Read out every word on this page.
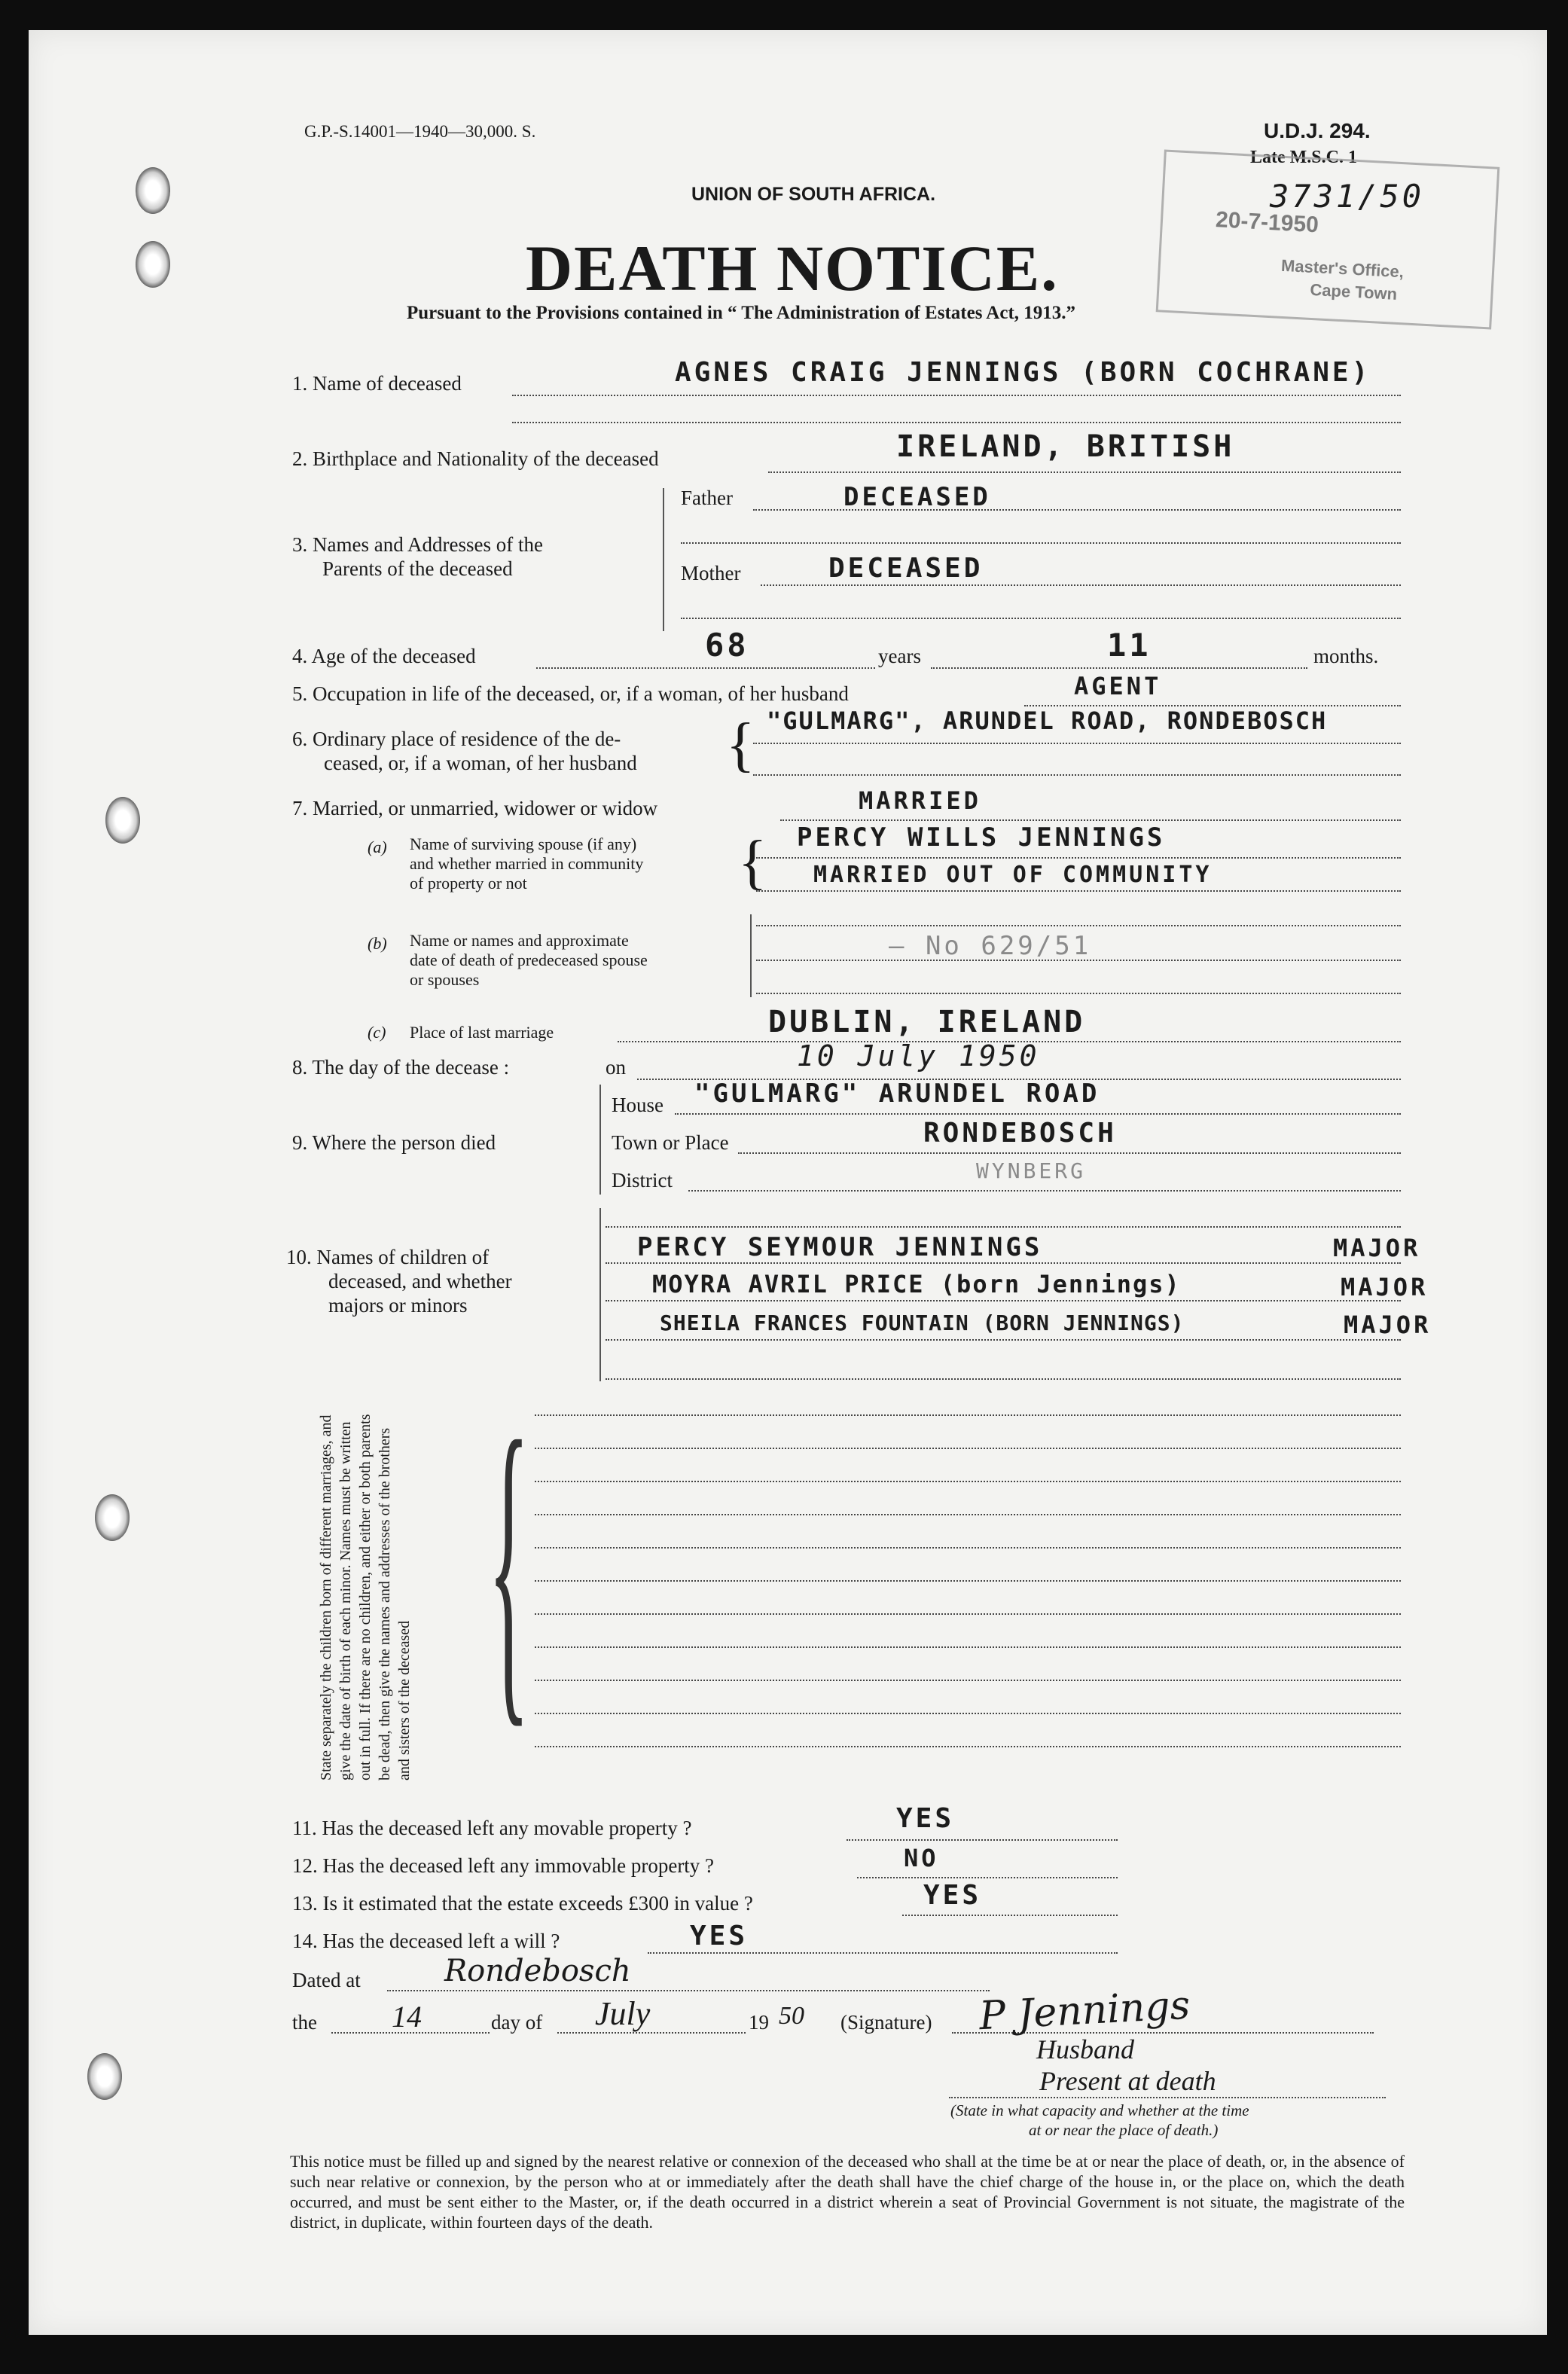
G.P.-S.14001—1940—30,000. S.	U.D.J. 294.
Late M.S.C. 1
3731/50
20-7-1950
Master's Office,
Cape Town
UNION OF SOUTH AFRICA.
DEATH NOTICE.
Pursuant to the Provisions contained in “ The Administration of Estates Act, 1913.”
1. Name of deceased	AGNES CRAIG JENNINGS (BORN COCHRANE)
2. Birthplace and Nationality of the deceased	IRELAND, BRITISH
3. Names and Addresses of the
Parents of the deceased
Father	DECEASED
Mother	DECEASED
4. Age of the deceased	68	years	11	months.
5. Occupation in life of the deceased, or, if a woman, of her husband	AGENT
6. Ordinary place of residence of the de-
ceased, or, if a woman, of her husband { "GULMARG", ARUNDEL ROAD, RONDEBOSCH
7. Married, or unmarried, widower or widow	MARRIED
(a) Name of surviving spouse (if any)
and whether married in community
of property or not	{ PERCY WILLS JENNINGS
MARRIED OUT OF COMMUNITY
(b) Name or names and approximate
date of death of predeceased spouse
or spouses
— No 629/51
(c) Place of last marriage	DUBLIN, IRELAND
8. The day of the decease :	on	10 July 1950
9. Where the person died
House "GULMARG" ARUNDEL ROAD
Town or Place	RONDEBOSCH
District	WYNBERG
10. Names of children of
deceased, and whether
majors or minors
PERCY SEYMOUR JENNINGS	MAJOR
MOYRA AVRIL PRICE (born Jennings)	MAJOR
SHEILA FRANCES FOUNTAIN (BORN JENNINGS)	MAJOR
State separately the children born of different marriages, and give the date of birth of each minor. Names must be written out in full. If there are no children, and either or both parents be dead, then give the names and addresses of the brothers and sisters of the deceased {
11. Has the deceased left any movable property ?	YES
12. Has the deceased left any immovable property ?	NO
13. Is it estimated that the estate exceeds £300 in value ?	YES
14. Has the deceased left a will ?	YES
Dated at	Rondebosch
the 14	day of July	19 50 (Signature) P Jennings
Husband
Present at death
(State in what capacity and whether at the time
at or near the place of death.)
This notice must be filled up and signed by the nearest relative or connexion of the deceased who shall at the time be at or near the place of death, or, in the absence of such near relative or connexion, by the person who at or immediately after the death shall have the chief charge of the house in, or the place on, which the death occurred, and must be sent either to the Master, or, if the death occurred in a district wherein a seat of Provincial Government is not situate, the magistrate of the district, in duplicate, within fourteen days of the death.
